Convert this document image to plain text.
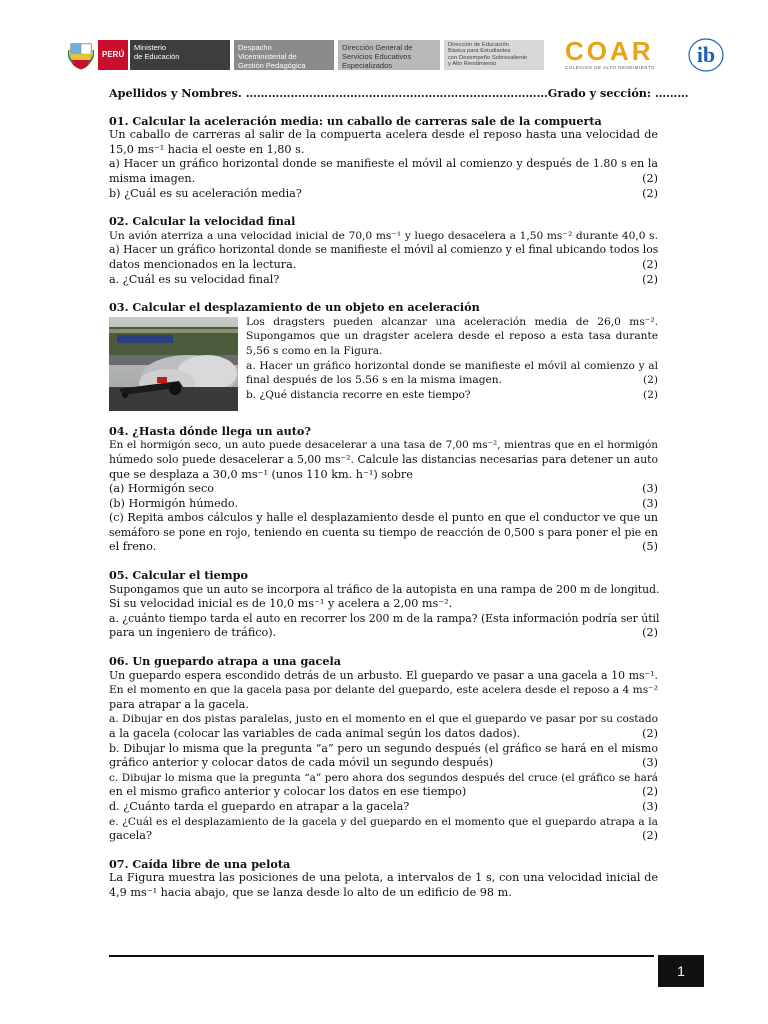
PERÚ
Ministerio
de Educación
Despacho
Viceministerial de
Gestión Pedagógica
Dirección General de
Servicios Educativos
Especializados
Dirección de Educación
Básica para Estudiantes
con Desempeño Sobresaliente
y Alto Rendimiento	COAR
COLEGIOS DE ALTO RENDIMIENTO
ib
Apellidos y Nombres. ……………………………………………………………………… Grado y sección: ………
01. Calcular la aceleración media: un caballo de carreras sale de la compuerta
Un caballo de carreras al salir de la compuerta acelera desde el reposo hasta una velocidad de
15,0 ms⁻¹ hacia el oeste en 1,80 s.
a) Hacer un gráfico horizontal donde se manifieste el móvil al comienzo y después de 1.80 s en la
misma imagen.	(2)
b) ¿Cuál es su aceleración media?	(2)
02. Calcular la velocidad final
Un avión aterriza a una velocidad inicial de 70,0 ms⁻¹ y luego desacelera a 1,50 ms⁻² durante 40,0 s.
a) Hacer un gráfico horizontal donde se manifieste el móvil al comienzo y el final ubicando todos los
datos mencionados en la lectura.	(2)
a. ¿Cuál es su velocidad final?	(2)
03. Calcular el desplazamiento de un objeto en aceleración
Los dragsters pueden alcanzar una aceleración media de 26,0 ms⁻².
Supongamos que un dragster acelera desde el reposo a esta tasa durante
5,56 s como en la Figura.
a. Hacer un gráfico horizontal donde se manifieste el móvil al comienzo y al
final después de los 5.56 s en la misma imagen.	(2)
b. ¿Qué distancia recorre en este tiempo?	(2)
04. ¿Hasta dónde llega un auto?
En el hormigón seco, un auto puede desacelerar a una tasa de 7,00 ms⁻², mientras que en el hormigón
húmedo solo puede desacelerar a 5,00 ms⁻². Calcule las distancias necesarias para detener un auto
que se desplaza a 30,0 ms⁻¹ (unos 110 km. h⁻¹) sobre
(a) Hormigón seco	(3)
(b) Hormigón húmedo.	(3)
(c) Repita ambos cálculos y halle el desplazamiento desde el punto en que el conductor ve que un
semáforo se pone en rojo, teniendo en cuenta su tiempo de reacción de 0,500 s para poner el pie en
el freno.	(5)
05. Calcular el tiempo
Supongamos que un auto se incorpora al tráfico de la autopista en una rampa de 200 m de longitud.
Si su velocidad inicial es de 10,0 ms⁻¹ y acelera a 2,00 ms⁻².
a. ¿cuánto tiempo tarda el auto en recorrer los 200 m de la rampa? (Esta información podría ser útil
para un ingeniero de tráfico).	(2)
06. Un guepardo atrapa a una gacela
Un guepardo espera escondido detrás de un arbusto. El guepardo ve pasar a una gacela a 10 ms⁻¹.
En el momento en que la gacela pasa por delante del guepardo, este acelera desde el reposo a 4 ms⁻²
para atrapar a la gacela.
a. Dibujar en dos pistas paralelas, justo en el momento en el que el guepardo ve pasar por su costado
a la gacela (colocar las variables de cada animal según los datos dados).	(2)
b. Dibujar lo misma que la pregunta “a” pero un segundo después (el gráfico se hará en el mismo
gráfico anterior y colocar datos de cada móvil un segundo después)	(3)
c. Dibujar lo misma que la pregunta “a” pero ahora dos segundos después del cruce (el gráfico se hará
en el mismo grafico anterior y colocar los datos en ese tiempo)	(2)
d. ¿Cuánto tarda el guepardo en atrapar a la gacela?	(3)
e. ¿Cuál es el desplazamiento de la gacela y del guepardo en el momento que el guepardo atrapa a la
gacela?	(2)
07. Caída libre de una pelota
La Figura muestra las posiciones de una pelota, a intervalos de 1 s, con una velocidad inicial de
4,9 ms⁻¹ hacia abajo, que se lanza desde lo alto de un edificio de 98 m.
1
